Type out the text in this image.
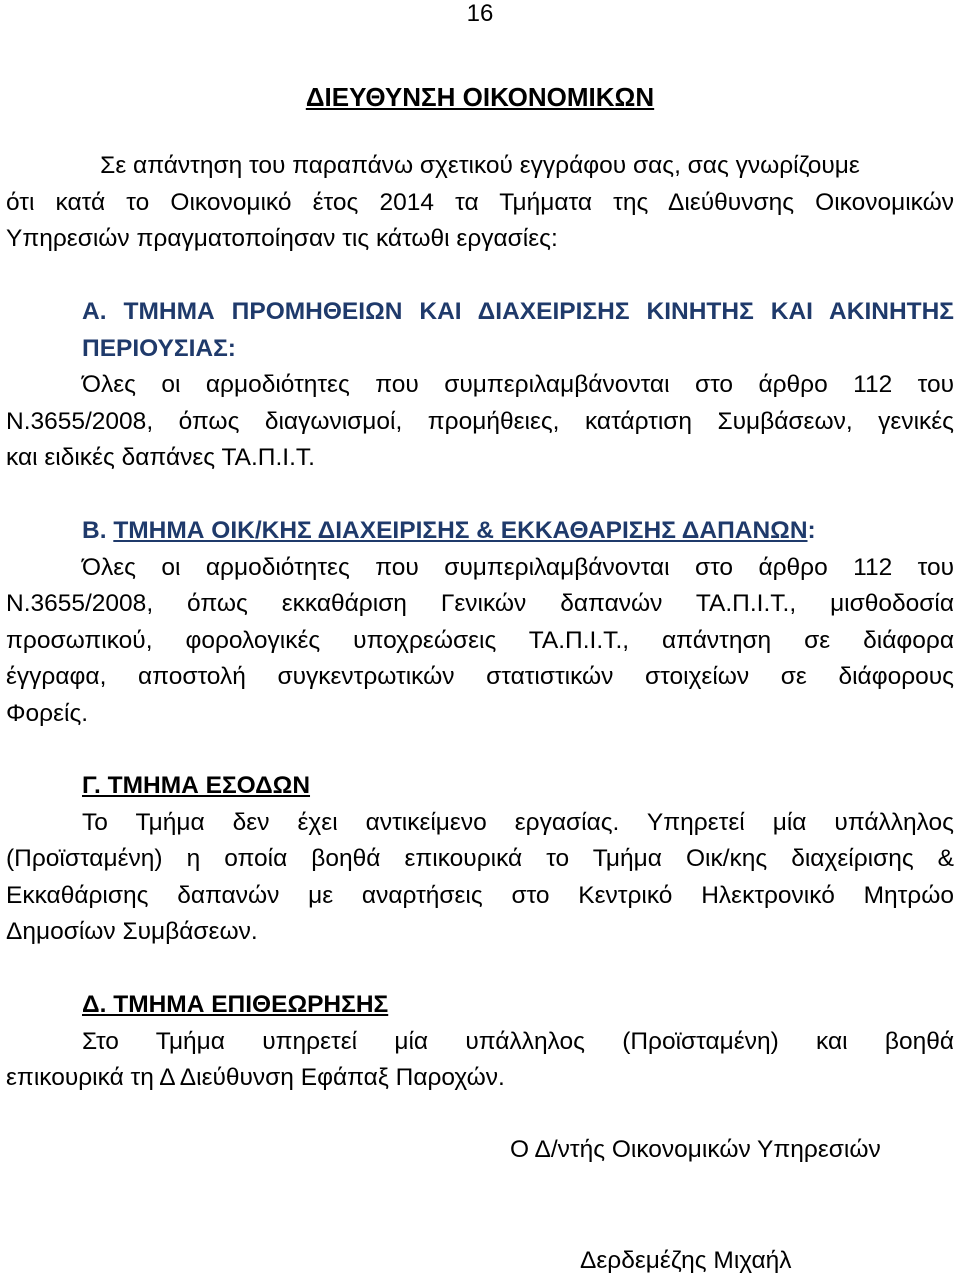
16
ΔΙΕΥΘΥΝΣΗ ΟΙΚΟΝΟΜΙΚΩΝ
Σε απάντηση του παραπάνω σχετικού εγγράφου σας, σας γνωρίζουμε
ότι κατά το Οικονομικό έτος 2014 τα Τμήματα της Διεύθυνσης Οικονομικών
Υπηρεσιών πραγματοποίησαν τις κάτωθι εργασίες:
Α. ΤΜΗΜΑ ΠΡΟΜΗΘΕΙΩΝ ΚΑΙ ΔΙΑΧΕΙΡΙΣΗΣ ΚΙΝΗΤΗΣ ΚΑΙ ΑΚΙΝΗΤΗΣ
ΠΕΡΙΟΥΣΙΑΣ:
Όλες οι αρμοδιότητες που συμπεριλαμβάνονται στο άρθρο 112 του
Ν.3655/2008, όπως διαγωνισμοί, προμήθειες, κατάρτιση Συμβάσεων, γενικές
και ειδικές δαπάνες ΤΑ.Π.Ι.Τ.
Β. ΤΜΗΜΑ ΟΙΚ/ΚΗΣ ΔΙΑΧΕΙΡΙΣΗΣ & ΕΚΚΑΘΑΡΙΣΗΣ ΔΑΠΑΝΩΝ:
Όλες οι αρμοδιότητες που συμπεριλαμβάνονται στο άρθρο 112 του
Ν.3655/2008, όπως εκκαθάριση Γενικών δαπανών ΤΑ.Π.Ι.Τ., μισθοδοσία
προσωπικού, φορολογικές υποχρεώσεις ΤΑ.Π.Ι.Τ., απάντηση σε διάφορα
έγγραφα, αποστολή συγκεντρωτικών στατιστικών στοιχείων σε διάφορους
Φορείς.
Γ. ΤΜΗΜΑ ΕΣΟΔΩΝ
Το Τμήμα δεν έχει αντικείμενο εργασίας. Υπηρετεί μία υπάλληλος
(Προϊσταμένη) η οποία βοηθά επικουρικά το Τμήμα Οικ/κης διαχείρισης &
Εκκαθάρισης δαπανών με αναρτήσεις στο Κεντρικό Ηλεκτρονικό Μητρώο
Δημοσίων Συμβάσεων.
Δ. ΤΜΗΜΑ ΕΠΙΘΕΩΡΗΣΗΣ
Στο Τμήμα υπηρετεί μία υπάλληλος (Προϊσταμένη) και βοηθά
επικουρικά τη Δ Διεύθυνση Εφάπαξ Παροχών.
Ο Δ/ντής Οικονομικών Υπηρεσιών
Δερδεμέζης Μιχαήλ
